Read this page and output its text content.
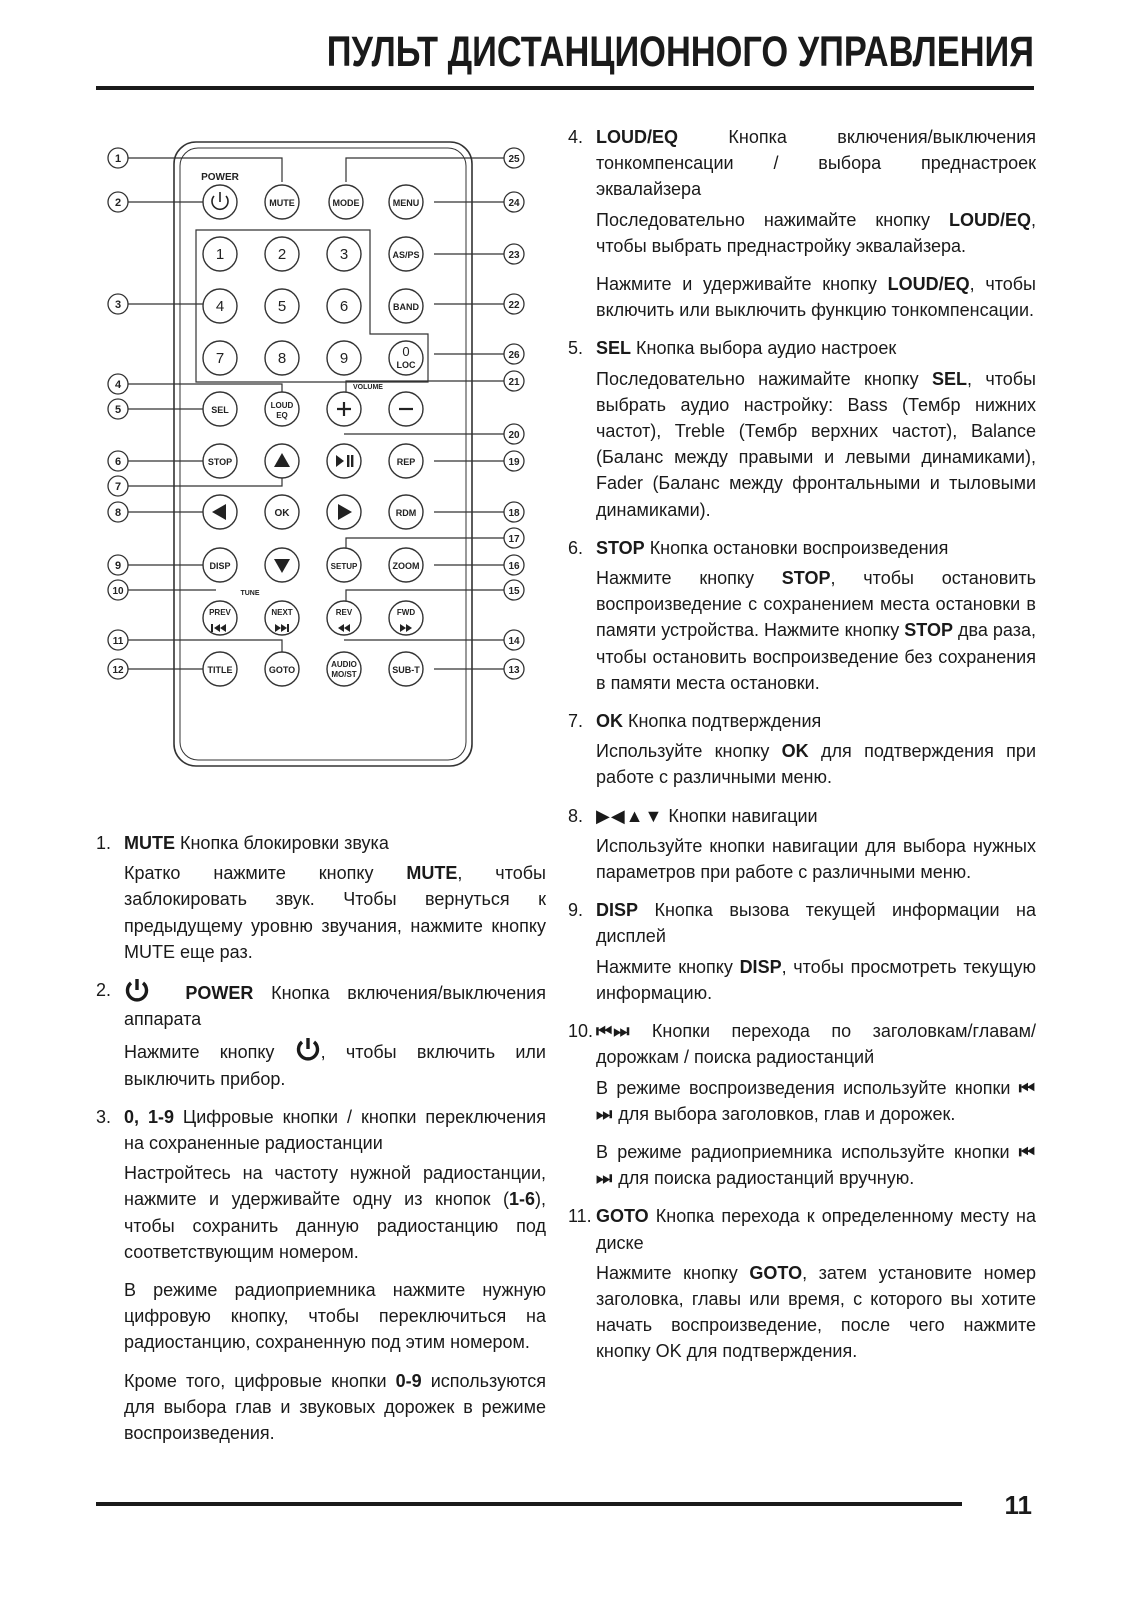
ПУЛЬТ ДИСТАНЦИОННОГО УПРАВЛЕНИЯ
POWER
MUTE	MODE	MENU
1	2	3	AS/PS
4	5	6	BAND
7	8	9	0
LOC
VOLUME
SEL	LOUD
EQ
STOP	REP
OK	RDM
DISP	SETUP	ZOOM
TUNE
PREV	NEXT	REV	FWD
TITLE	GOTO
AUDIO
MO/ST	SUB-T
1
2
3
4
5
6
7
8
9
10
11
12
25
24
23
22
26
21
20
19
18
17
16
15
14
13
1. MUTE Кнопка блокировки звука

Кратко нажмите кнопку MUTE, чтобы заблокировать звук. Чтобы вернуться к предыдущему уровню звучания, нажмите кнопку MUTE еще раз.

2.	POWER Кнопка включения/выключения аппарата

Нажмите кнопку , чтобы включить или выключить прибор.

3. 0, 1-9 Цифровые кнопки / кнопки переключения на сохраненные радиостанции

Настройтесь на частоту нужной радиостанции, нажмите и удерживайте одну из кнопок (1-6), чтобы сохранить данную радиостанцию под соответствующим номером.

В режиме радиоприемника нажмите нужную цифровую кнопку, чтобы переключиться на радиостанцию, сохраненную под этим номером.

Кроме того, цифровые кнопки 0-9 используются для выбора глав и звуковых дорожек в режиме воспроизведения.

4. LOUD/EQ Кнопка включения/выключения тонкомпенсации / выбора преднастроек эквалайзера

Последовательно нажимайте кнопку LOUD/EQ, чтобы выбрать преднастройку эквалайзера.

Нажмите и удерживайте кнопку LOUD/EQ, чтобы включить или выключить функцию тонкомпенсации.

5. SEL Кнопка выбора аудио настроек

Последовательно нажимайте кнопку SEL, чтобы выбрать аудио настройку: Bass (Тембр нижних частот), Treble (Тембр верхних частот), Balance (Баланс между правыми и левыми динамиками), Fader (Баланс между фронтальными и тыловыми динамиками).

6. STOP Кнопка остановки воспроизведения

Нажмите кнопку STOP, чтобы остановить воспроизведение с сохранением места остановки в памяти устройства. Нажмите кнопку STOP два раза, чтобы остановить воспроизведение без сохранения в памяти места остановки.

7. OK Кнопка подтверждения

Используйте кнопку OK для подтверждения при работе с различными меню.

8. ▶◀▲▼ Кнопки навигации

Используйте кнопки навигации для выбора нужных параметров при работе с различными меню.

9. DISP Кнопка вызова текущей информации на дисплей

Нажмите кнопку DISP, чтобы просмотреть текущую информацию.

10. ⏮⏭ Кнопки перехода по заголовкам/главам/ дорожкам / поиска радиостанций

В режиме воспроизведения используйте кнопки ⏮ ⏭ для выбора заголовков, глав и дорожек.

В режиме радиоприемника используйте кнопки ⏮ ⏭ для поиска радиостанций вручную.

11. GOTO Кнопка перехода к определенному месту на диске

Нажмите кнопку GOTO, затем установите номер заголовка, главы или время, с которого вы хотите начать воспроизведение, после чего нажмите кнопку OK для подтверждения.

11
